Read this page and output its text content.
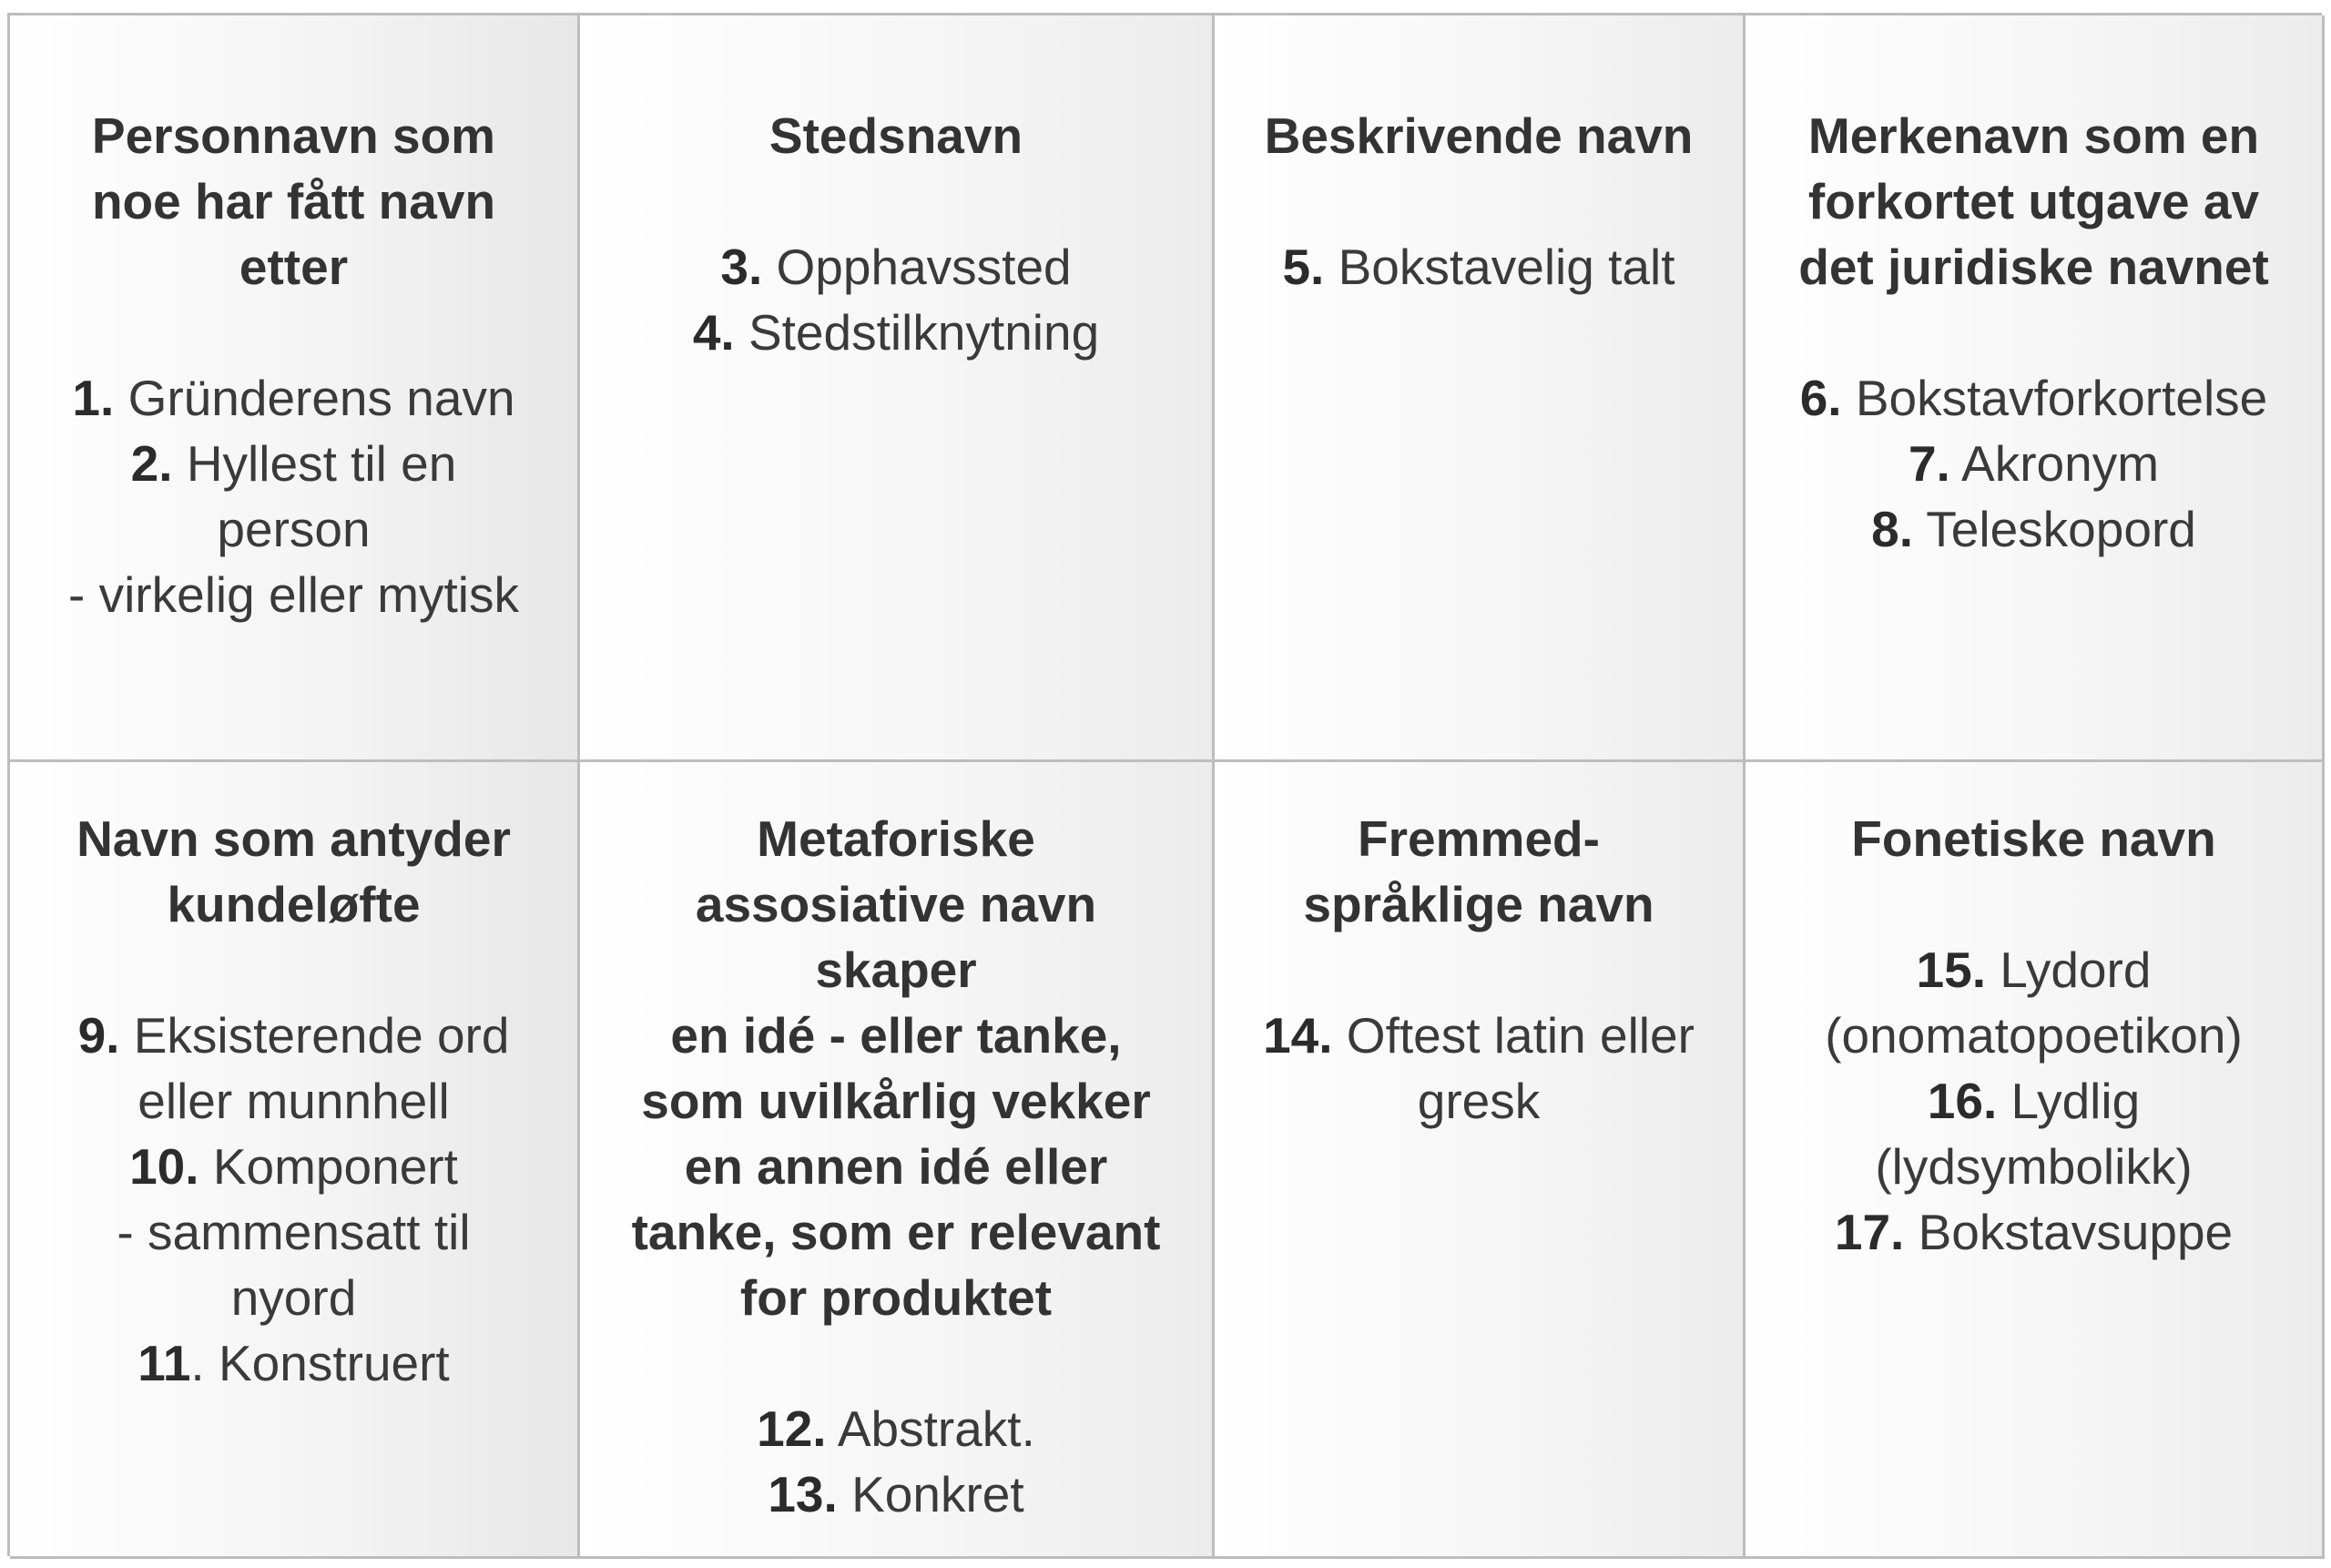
Personnavn som
noe har fått navn
etter
1. Gründerens navn
2. Hyllest til en
person
- virkelig eller mytisk
Stedsnavn
3. Opphavssted
4. Stedstilknytning
Beskrivende navn
5. Bokstavelig talt
Merkenavn som en
forkortet utgave av
det juridiske navnet
6. Bokstavforkortelse
7. Akronym
8. Teleskopord
Navn som antyder
kundeløfte
9. Eksisterende ord
eller munnhell
10. Komponert
- sammensatt til
nyord
11. Konstruert
Metaforiske
assosiative navn
skaper
en idé - eller tanke,
som uvilkårlig vekker
en annen idé eller
tanke, som er relevant
for produktet
12. Abstrakt.
13. Konkret
Fremmed-
språklige navn
14. Oftest latin eller
gresk
Fonetiske navn
15. Lydord
(onomatopoetikon)
16. Lydlig
(lydsymbolikk)
17. Bokstavsuppe
